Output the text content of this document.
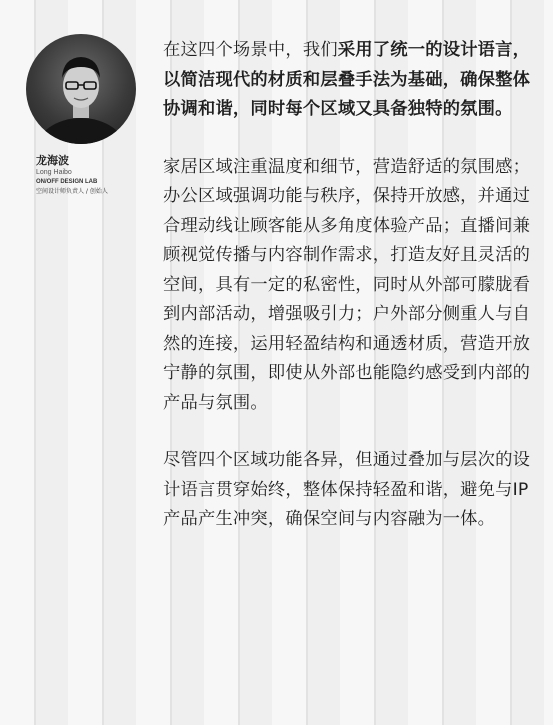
龙海波
Long Haibo
ON/OFF DESIGN LAB
空间设计师负责人 / 创始人

在这四个场景中，我们采用了统一的设计语言，以简洁现代的材质和层叠手法为基础，确保整体协调和谐，同时每个区域又具备独特的氛围。

家居区域注重温度和细节，营造舒适的氛围感；办公区域强调功能与秩序，保持开放感，并通过合理动线让顾客能从多角度体验产品；直播间兼顾视觉传播与内容制作需求，打造友好且灵活的空间，具有一定的私密性，同时从外部可朦胧看到内部活动，增强吸引力；户外部分侧重人与自然的连接，运用轻盈结构和通透材质，营造开放宁静的氛围，即使从外部也能隐约感受到内部的产品与氛围。

尽管四个区域功能各异，但通过叠加与层次的设计语言贯穿始终，整体保持轻盈和谐，避免与IP产品产生冲突，确保空间与内容融为一体。
